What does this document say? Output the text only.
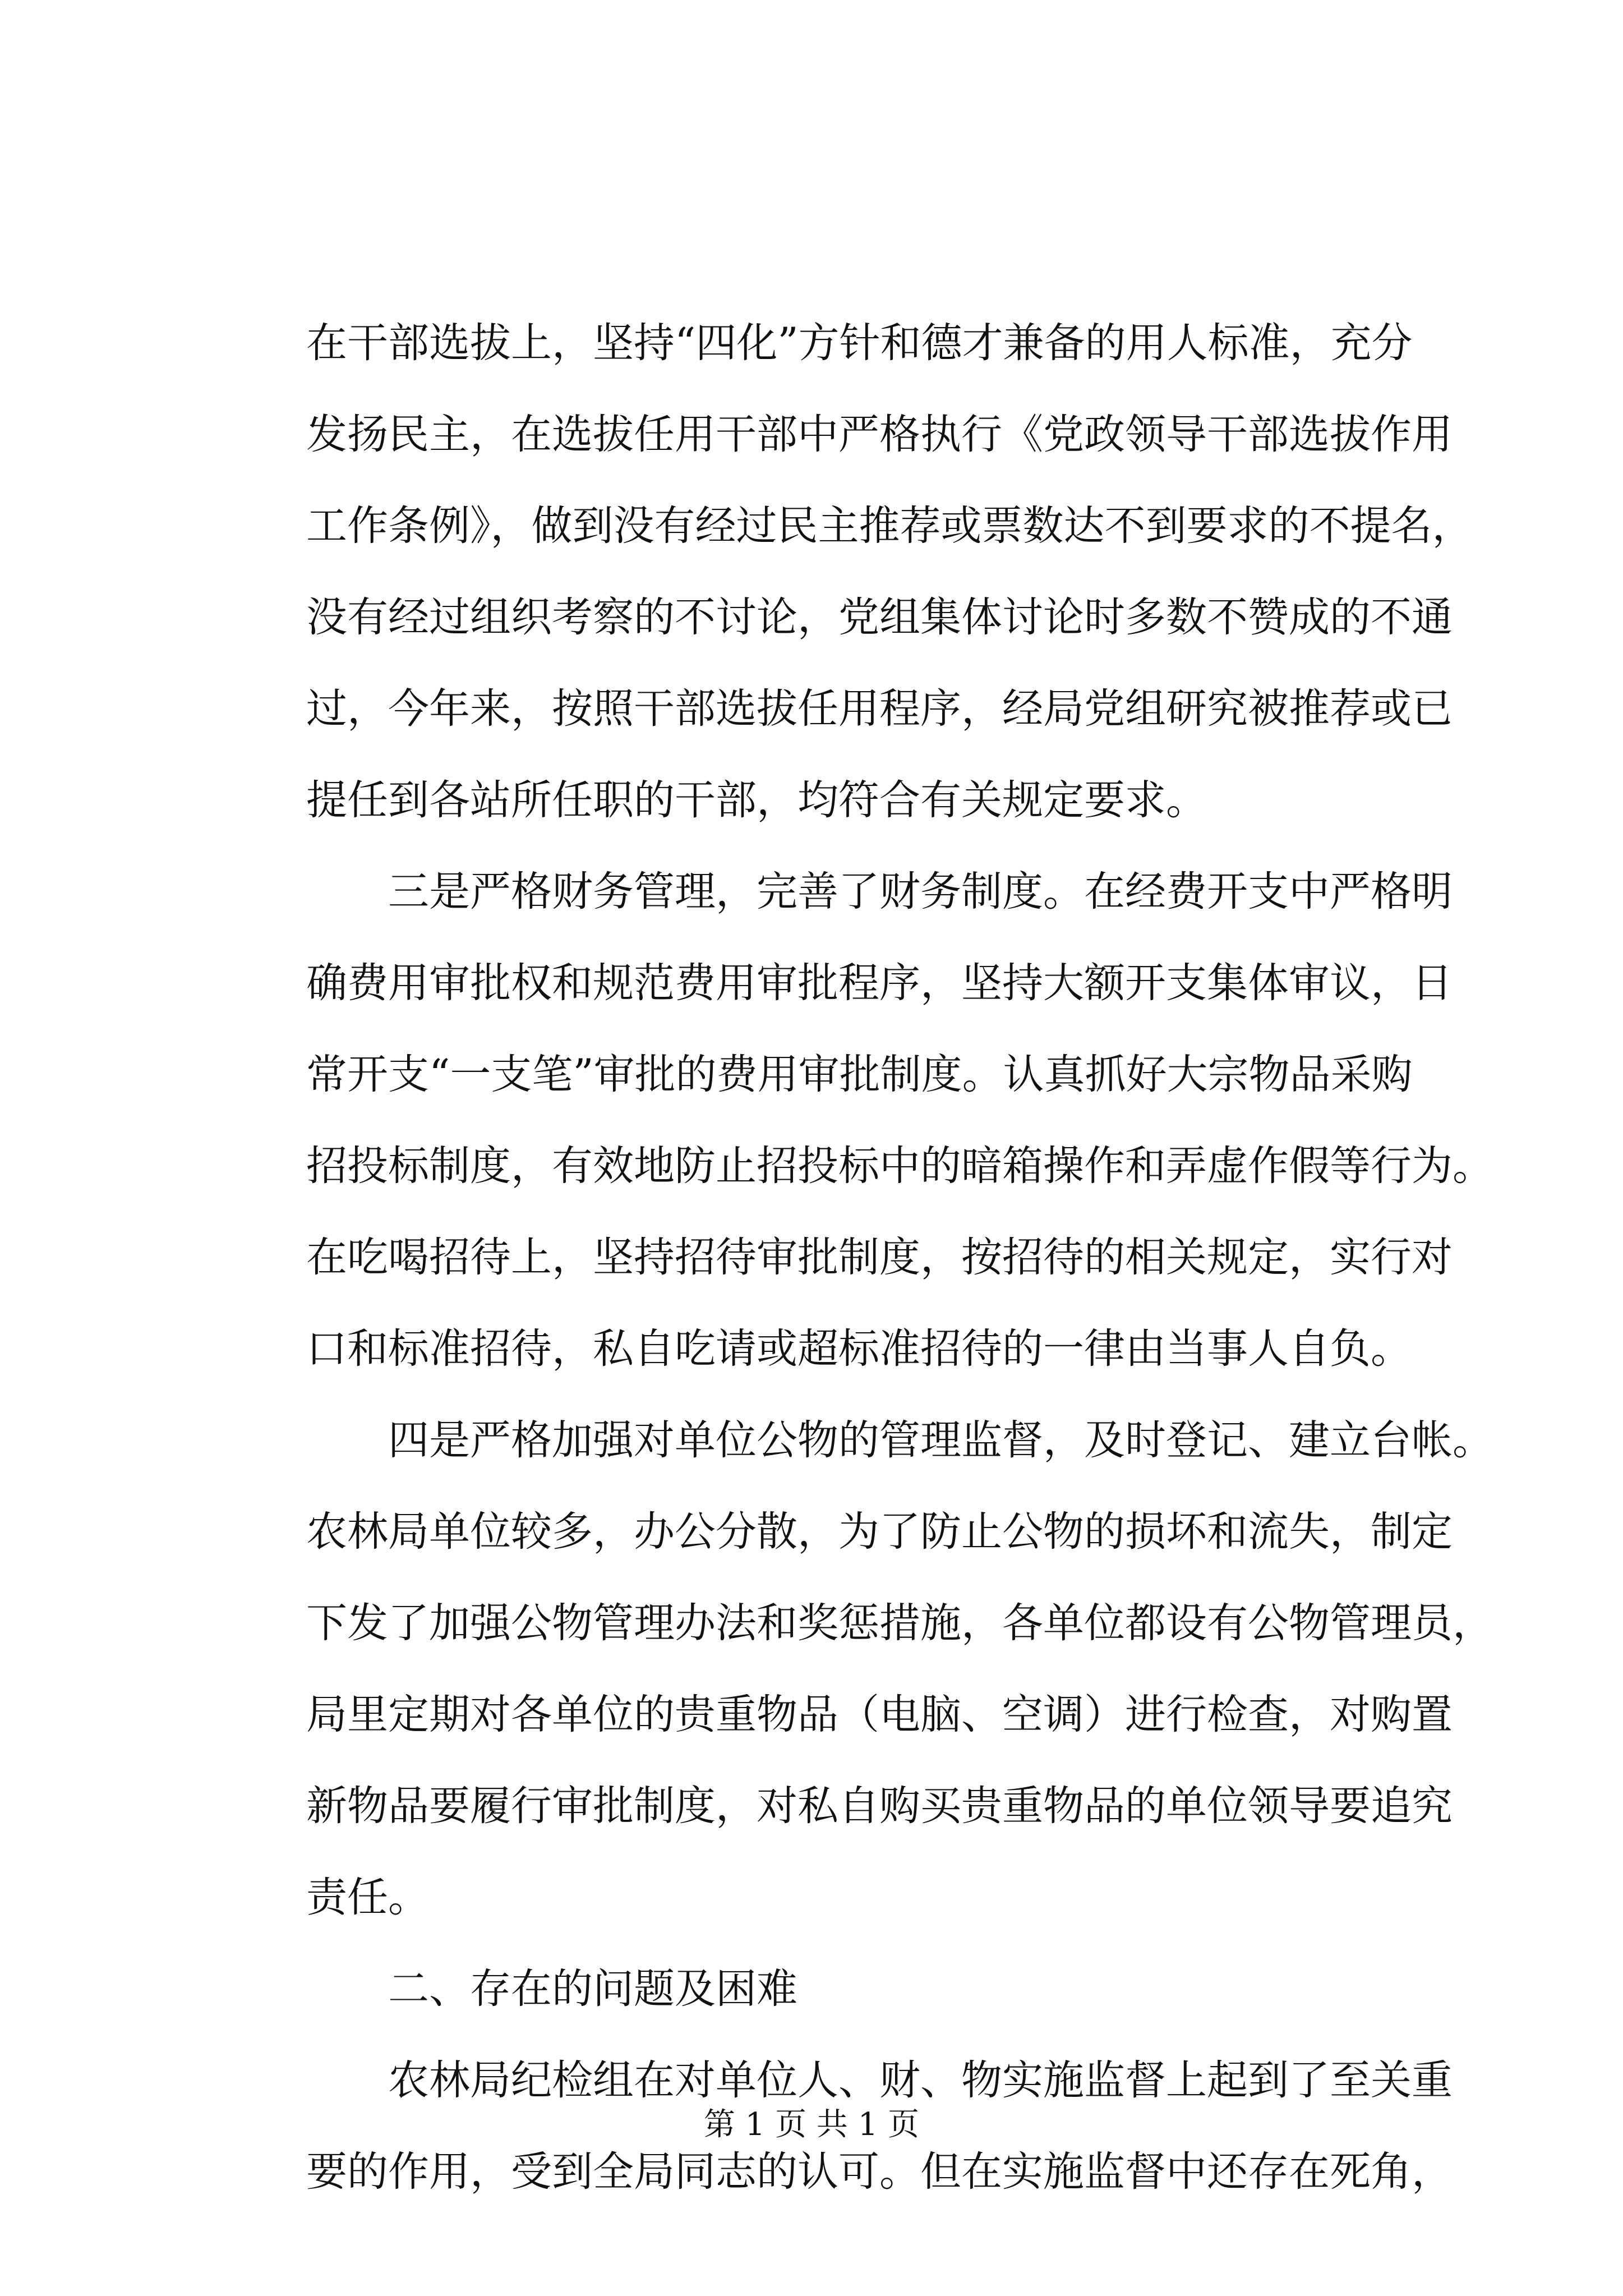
在干部选拔上，坚持“四化”方针和德才兼备的用人标准，充分
发扬民主，在选拔任用干部中严格执行《党政领导干部选拔作用
工作条例》，做到没有经过民主推荐或票数达不到要求的不提名，
没有经过组织考察的不讨论，党组集体讨论时多数不赞成的不通
过，今年来，按照干部选拔任用程序，经局党组研究被推荐或已
提任到各站所任职的干部，均符合有关规定要求。
　　三是严格财务管理，完善了财务制度。在经费开支中严格明
确费用审批权和规范费用审批程序，坚持大额开支集体审议，日
常开支“一支笔”审批的费用审批制度。认真抓好大宗物品采购
招投标制度，有效地防止招投标中的暗箱操作和弄虚作假等行为。
在吃喝招待上，坚持招待审批制度，按招待的相关规定，实行对
口和标准招待，私自吃请或超标准招待的一律由当事人自负。
　　四是严格加强对单位公物的管理监督，及时登记、建立台帐。
农林局单位较多，办公分散，为了防止公物的损坏和流失，制定
下发了加强公物管理办法和奖惩措施，各单位都设有公物管理员，
局里定期对各单位的贵重物品（电脑、空调）进行检查，对购置
新物品要履行审批制度，对私自购买贵重物品的单位领导要追究
责任。
　　二、存在的问题及困难
　　农林局纪检组在对单位人、财、物实施监督上起到了至关重
要的作用，受到全局同志的认可。但在实施监督中还存在死角，
第 1 页 共 1 页
